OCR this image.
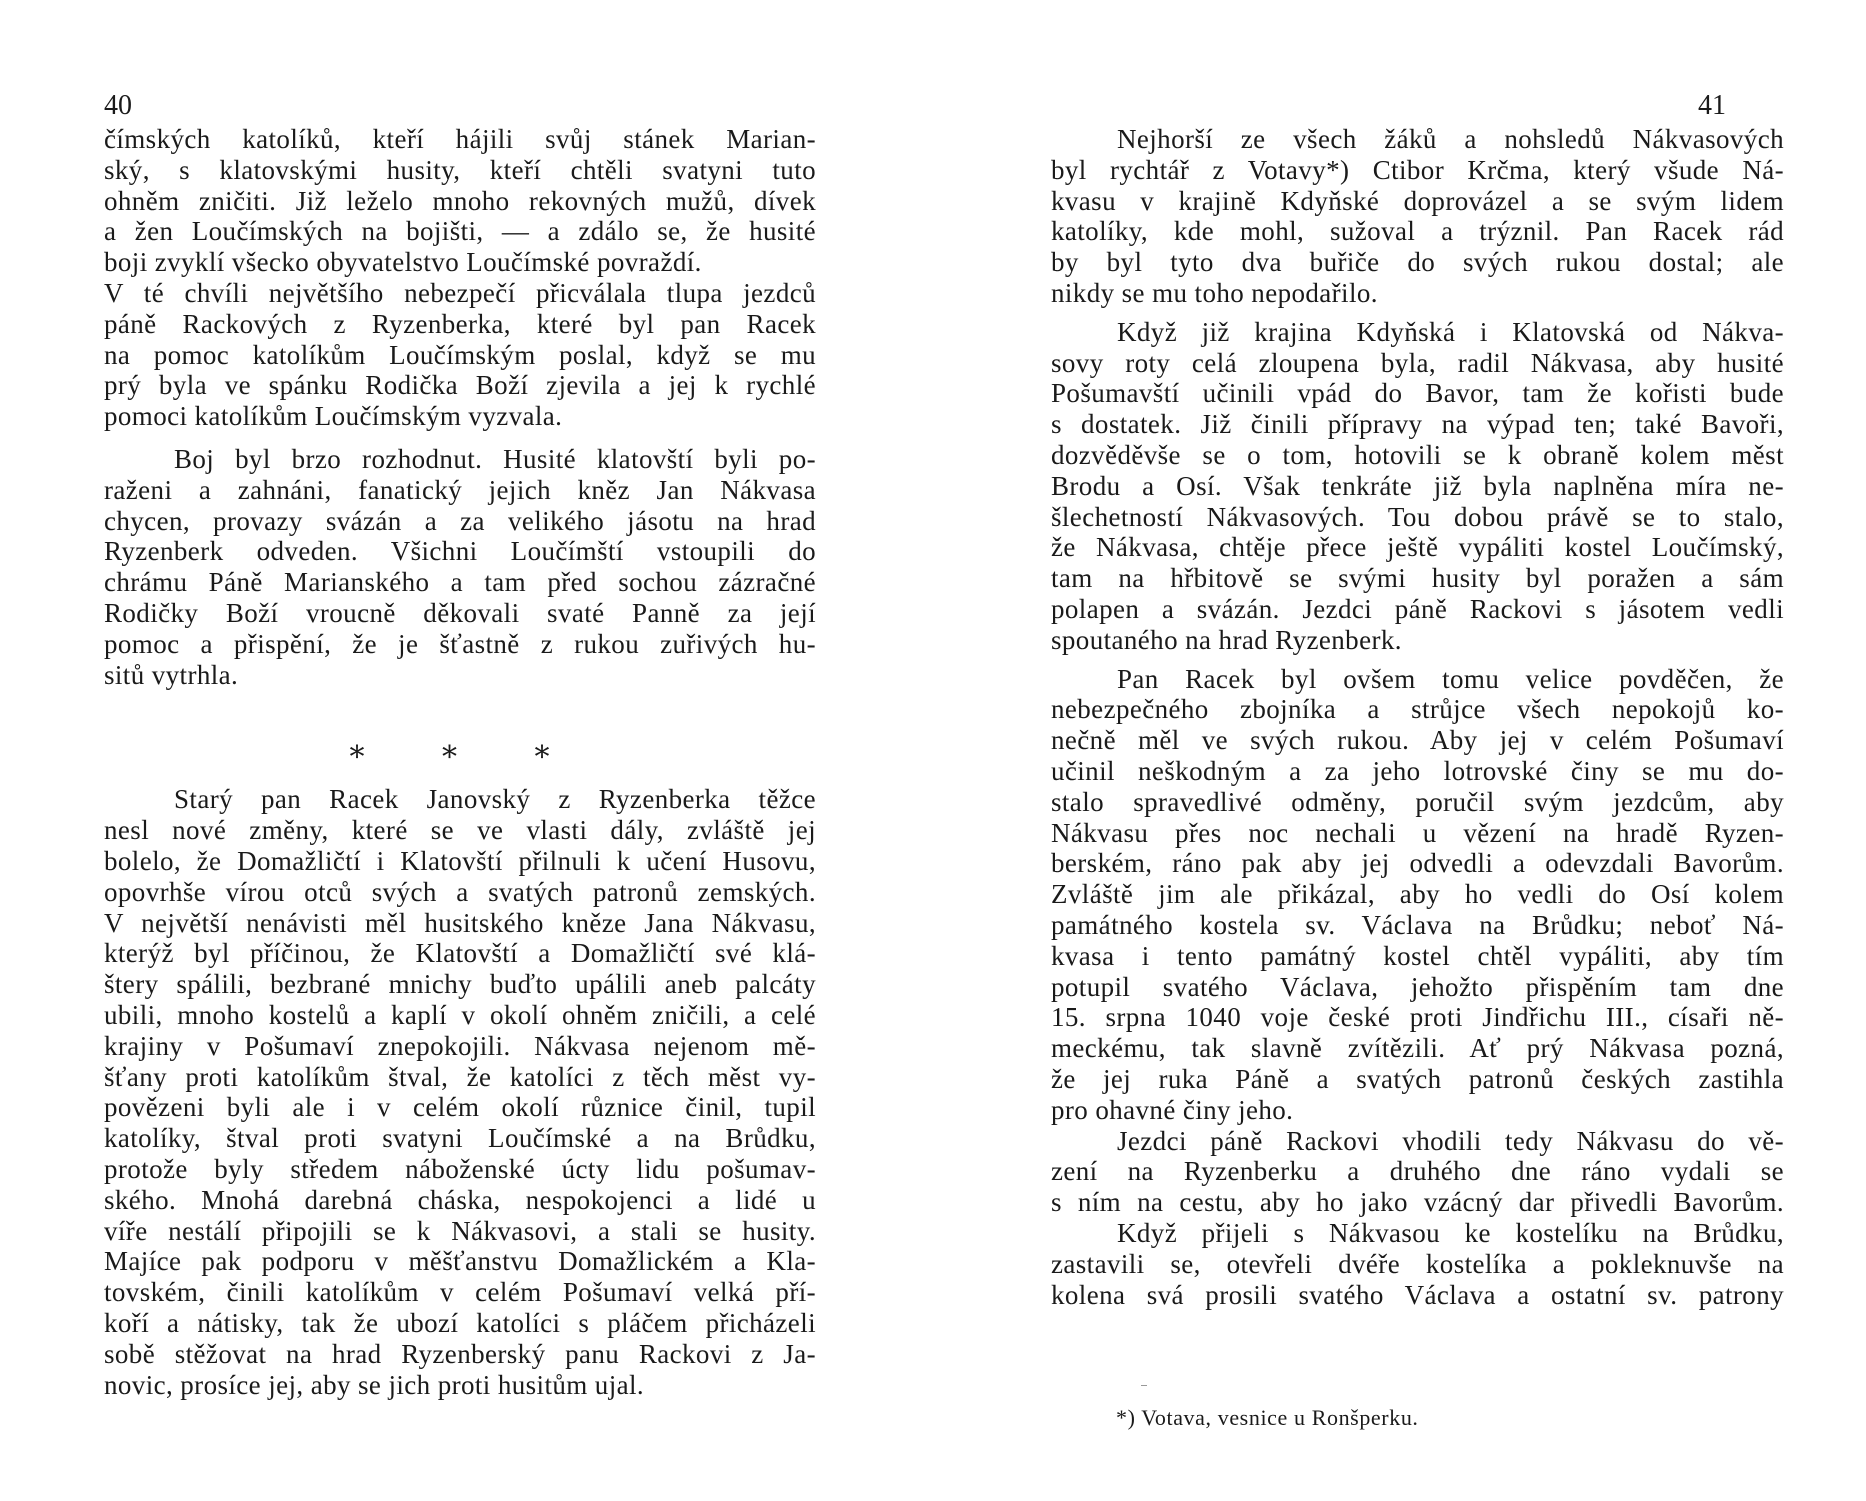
40
čímských katolíků, kteří hájili svůj stánek Marian-
ský, s klatovskými husity, kteří chtěli svatyni tuto
ohněm zničiti. Již leželo mnoho rekovných mužů, dívek
a žen Loučímských na bojišti, — a zdálo se, že husité
boji zvyklí všecko obyvatelstvo Loučímské povraždí.
V té chvíli největšího nebezpečí přicválala tlupa jezdců
páně Rackových z Ryzenberka, které byl pan Racek
na pomoc katolíkům Loučímským poslal, když se mu
prý byla ve spánku Rodička Boží zjevila a jej k rychlé
pomoci katolíkům Loučímským vyzvala.
Boj byl brzo rozhodnut. Husité klatovští byli po-
raženi a zahnáni, fanatický jejich kněz Jan Nákvasa
chycen, provazy svázán a za velikého jásotu na hrad
Ryzenberk odveden. Všichni Loučímští vstoupili do
chrámu Páně Marianského a tam před sochou zázračné
Rodičky Boží vroucně děkovali svaté Panně za její
pomoc a přispění, že je šťastně z rukou zuřivých hu-
sitů vytrhla.
Starý pan Racek Janovský z Ryzenberka těžce
nesl nové změny, které se ve vlasti dály, zvláště jej
bolelo, že Domažličtí i Klatovští přilnuli k učení Husovu,
opovrhše vírou otců svých a svatých patronů zemských.
V největší nenávisti měl husitského kněze Jana Nákvasu,
kterýž byl příčinou, že Klatovští a Domažličtí své klá-
štery spálili, bezbrané mnichy buďto upálili aneb palcáty
ubili, mnoho kostelů a kaplí v okolí ohněm zničili, a celé
krajiny v Pošumaví znepokojili. Nákvasa nejenom mě-
šťany proti katolíkům štval, že katolíci z těch měst vy-
povězeni byli ale i v celém okolí různice činil, tupil
katolíky, štval proti svatyni Loučímské a na Brůdku,
protože byly středem náboženské úcty lidu pošumav-
ského. Mnohá darebná cháska, nespokojenci a lidé u
víře nestálí připojili se k Nákvasovi, a stali se husity.
Majíce pak podporu v měšťanstvu Domažlickém a Kla-
tovském, činili katolíkům v celém Pošumaví velká pří-
koří a nátisky, tak že ubozí katolíci s pláčem přicházeli
sobě stěžovat na hrad Ryzenberský panu Rackovi z Ja-
novic, prosíce jej, aby se jich proti husitům ujal.
* * *
41
Nejhorší ze všech žáků a nohsledů Nákvasových
byl rychtář z Votavy*) Ctibor Krčma, který všude Ná-
kvasu v krajině Kdyňské doprovázel a se svým lidem
katolíky, kde mohl, sužoval a trýznil. Pan Racek rád
by byl tyto dva buřiče do svých rukou dostal; ale
nikdy se mu toho nepodařilo.
Když již krajina Kdyňská i Klatovská od Nákva-
sovy roty celá zloupena byla, radil Nákvasa, aby husité
Pošumavští učinili vpád do Bavor, tam že kořisti bude
s dostatek. Již činili přípravy na výpad ten; také Bavoři,
dozvěděvše se o tom, hotovili se k obraně kolem měst
Brodu a Osí. Však tenkráte již byla naplněna míra ne-
šlechetností Nákvasových. Tou dobou právě se to stalo,
že Nákvasa, chtěje přece ještě vypáliti kostel Loučímský,
tam na hřbitově se svými husity byl poražen a sám
polapen a svázán. Jezdci páně Rackovi s jásotem vedli
spoutaného na hrad Ryzenberk.
Pan Racek byl ovšem tomu velice povděčen, že
nebezpečného zbojníka a strůjce všech nepokojů ko-
nečně měl ve svých rukou. Aby jej v celém Pošumaví
učinil neškodným a za jeho lotrovské činy se mu do-
stalo spravedlivé odměny, poručil svým jezdcům, aby
Nákvasu přes noc nechali u vězení na hradě Ryzen-
berském, ráno pak aby jej odvedli a odevzdali Bavorům.
Zvláště jim ale přikázal, aby ho vedli do Osí kolem
památného kostela sv. Václava na Brůdku; neboť Ná-
kvasa i tento památný kostel chtěl vypáliti, aby tím
potupil svatého Václava, jehožto přispěním tam dne
15. srpna 1040 voje české proti Jindřichu III., císaři ně-
meckému, tak slavně zvítězili. Ať prý Nákvasa pozná,
že jej ruka Páně a svatých patronů českých zastihla
pro ohavné činy jeho.
Jezdci páně Rackovi vhodili tedy Nákvasu do vě-
zení na Ryzenberku a druhého dne ráno vydali se
s ním na cestu, aby ho jako vzácný dar přivedli Bavorům.
Když přijeli s Nákvasou ke kostelíku na Brůdku,
zastavili se, otevřeli dvéře kostelíka a pokleknuvše na
kolena svá prosili svatého Václava a ostatní sv. patrony
*) Votava, vesnice u Ronšperku.
